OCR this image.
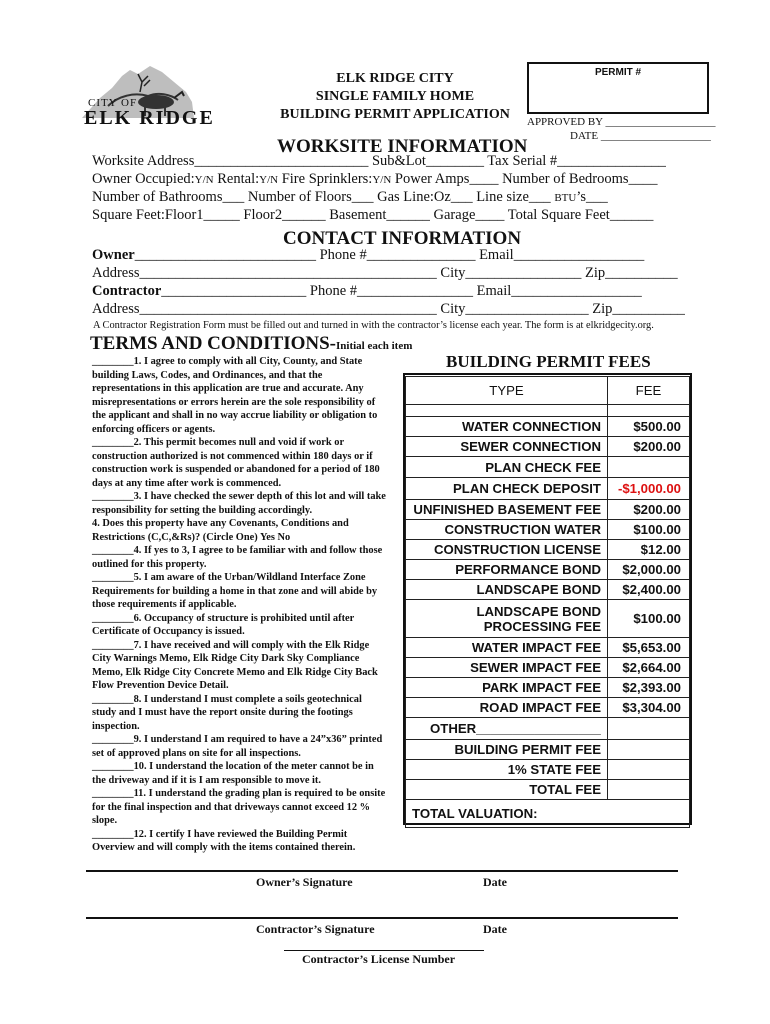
CITY OF
ELK RIDGE
ELK RIDGE CITY
SINGLE FAMILY HOME
BUILDING PERMIT APPLICATION
PERMIT #
APPROVED BY ____________________
DATE ____________________
WORKSITE INFORMATION
Worksite Address________________________ Sub&Lot________ Tax Serial #_______________
Owner Occupied:Y/N Rental:Y/N Fire Sprinklers:Y/N Power Amps____ Number of Bedrooms____
Number of Bathrooms___ Number of Floors___ Gas Line:Oz___ Line size___ BTU’s___
Square Feet:Floor1_____ Floor2______ Basement______ Garage____ Total Square Feet______
CONTACT INFORMATION
Owner_________________________ Phone #_______________ Email__________________
Address_________________________________________ City________________ Zip__________
Contractor____________________ Phone #________________ Email__________________
Address_________________________________________ City_________________ Zip__________
A Contractor Registration Form must be filled out and turned in with the contractor’s license each year. The form is at elkridgecity.org.
TERMS AND CONDITIONS-Initial each item

________1. I agree to comply with all City, County, and State building Laws, Codes, and Ordinances, and that the representations in this application are true and accurate. Any misrepresentations or errors herein are the sole responsibility of the applicant and shall in no way accrue liability or obligation to enforcing officers or agents.

________2. This permit becomes null and void if work or construction authorized is not commenced within 180 days or if construction work is suspended or abandoned for a period of 180 days at any time after work is commenced.

________3. I have checked the sewer depth of this lot and will take responsibility for setting the building accordingly.

4. Does this property have any Covenants, Conditions and Restrictions (C,C,&Rs)? (Circle One) Yes No

________4. If yes to 3, I agree to be familiar with and follow those outlined for this property.

________5. I am aware of the Urban/Wildland Interface Zone Requirements for building a home in that zone and will abide by those requirements if applicable.

________6. Occupancy of structure is prohibited until after Certificate of Occupancy is issued.

________7. I have received and will comply with the Elk Ridge City Warnings Memo, Elk Ridge City Dark Sky Compliance Memo, Elk Ridge City Concrete Memo and Elk Ridge City Back Flow Prevention Device Detail.

________8. I understand I must complete a soils geotechnical study and I must have the report onsite during the footings inspection.

________9. I understand I am required to have a 24”x36” printed set of approved plans on site for all inspections.

________10. I understand the location of the meter cannot be in the driveway and if it is I am responsible to move it.

________11. I understand the grading plan is required to be onsite for the final inspection and that driveways cannot exceed 12 % slope.

________12. I certify I have reviewed the Building Permit Overview and will comply with the items contained therein.

BUILDING PERMIT FEES
TYPE	FEE

WATER CONNECTION	$500.00
SEWER CONNECTION	$200.00
PLAN CHECK FEE	
PLAN CHECK DEPOSIT	-$1,000.00
UNFINISHED BASEMENT FEE	$200.00
CONSTRUCTION WATER	$100.00
CONSTRUCTION LICENSE	$12.00
PERFORMANCE BOND	$2,000.00
LANDSCAPE BOND	$2,400.00

LANDSCAPE BOND
PROCESSING FEE	$100.00
WATER IMPACT FEE	$5,653.00
SEWER IMPACT FEE	$2,664.00
PARK IMPACT FEE	$2,393.00
ROAD IMPACT FEE	$3,304.00
OTHER_________________	
BUILDING PERMIT FEE	
1% STATE FEE	
TOTAL FEE	
TOTAL VALUATION:	
Owner’s Signature	Date
Contractor’s Signature	Date
Contractor’s License Number
